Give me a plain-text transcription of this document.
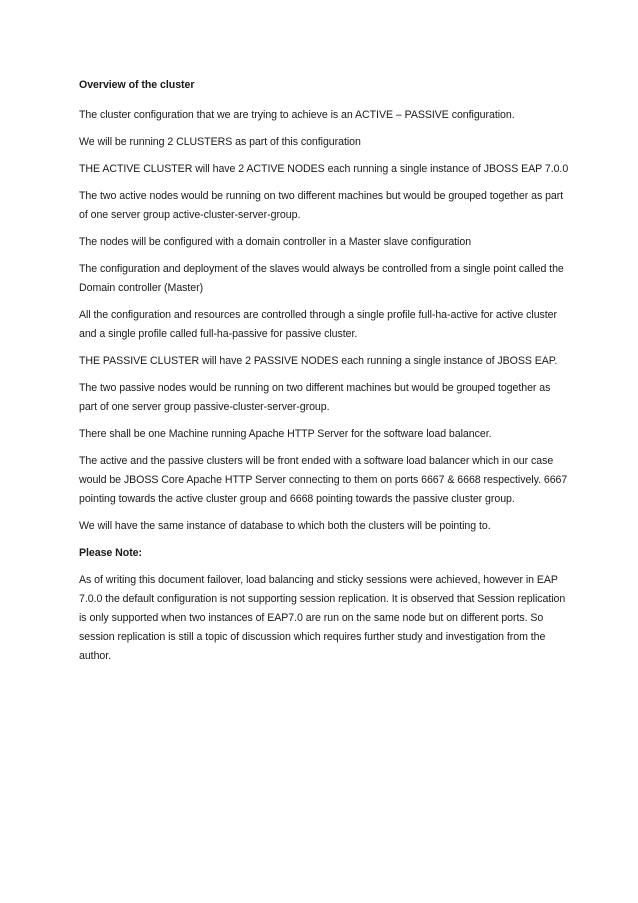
Overview of the cluster

The cluster configuration that we are trying to achieve is an ACTIVE – PASSIVE configuration.

We will be running 2 CLUSTERS as part of this configuration

THE ACTIVE CLUSTER will have 2 ACTIVE NODES each running a single instance of JBOSS EAP 7.0.0

The two active nodes would be running on two different machines but would be grouped together as part of one server group active-cluster-server-group.

The nodes will be configured with a domain controller in a Master slave configuration

The configuration and deployment of the slaves would always be controlled from a single point called the Domain controller (Master)

All the configuration and resources are controlled through a single profile full-ha-active for active cluster and a single profile called full-ha-passive for passive cluster.

THE PASSIVE CLUSTER will have 2 PASSIVE NODES each running a single instance of JBOSS EAP.

The two passive nodes would be running on two different machines but would be grouped together as part of one server group passive-cluster-server-group.

There shall be one Machine running Apache HTTP Server for the software load balancer.

The active and the passive clusters will be front ended with a software load balancer which in our case would be JBOSS Core Apache HTTP Server connecting to them on ports 6667 & 6668 respectively. 6667 pointing towards the active cluster group and 6668 pointing towards the passive cluster group.

We will have the same instance of database to which both the clusters will be pointing to.

Please Note:

As of writing this document failover, load balancing and sticky sessions were achieved, however in EAP 7.0.0 the default configuration is not supporting session replication. It is observed that Session replication is only supported when two instances of EAP7.0 are run on the same node but on different ports. So session replication is still a topic of discussion which requires further study and investigation from the author.
